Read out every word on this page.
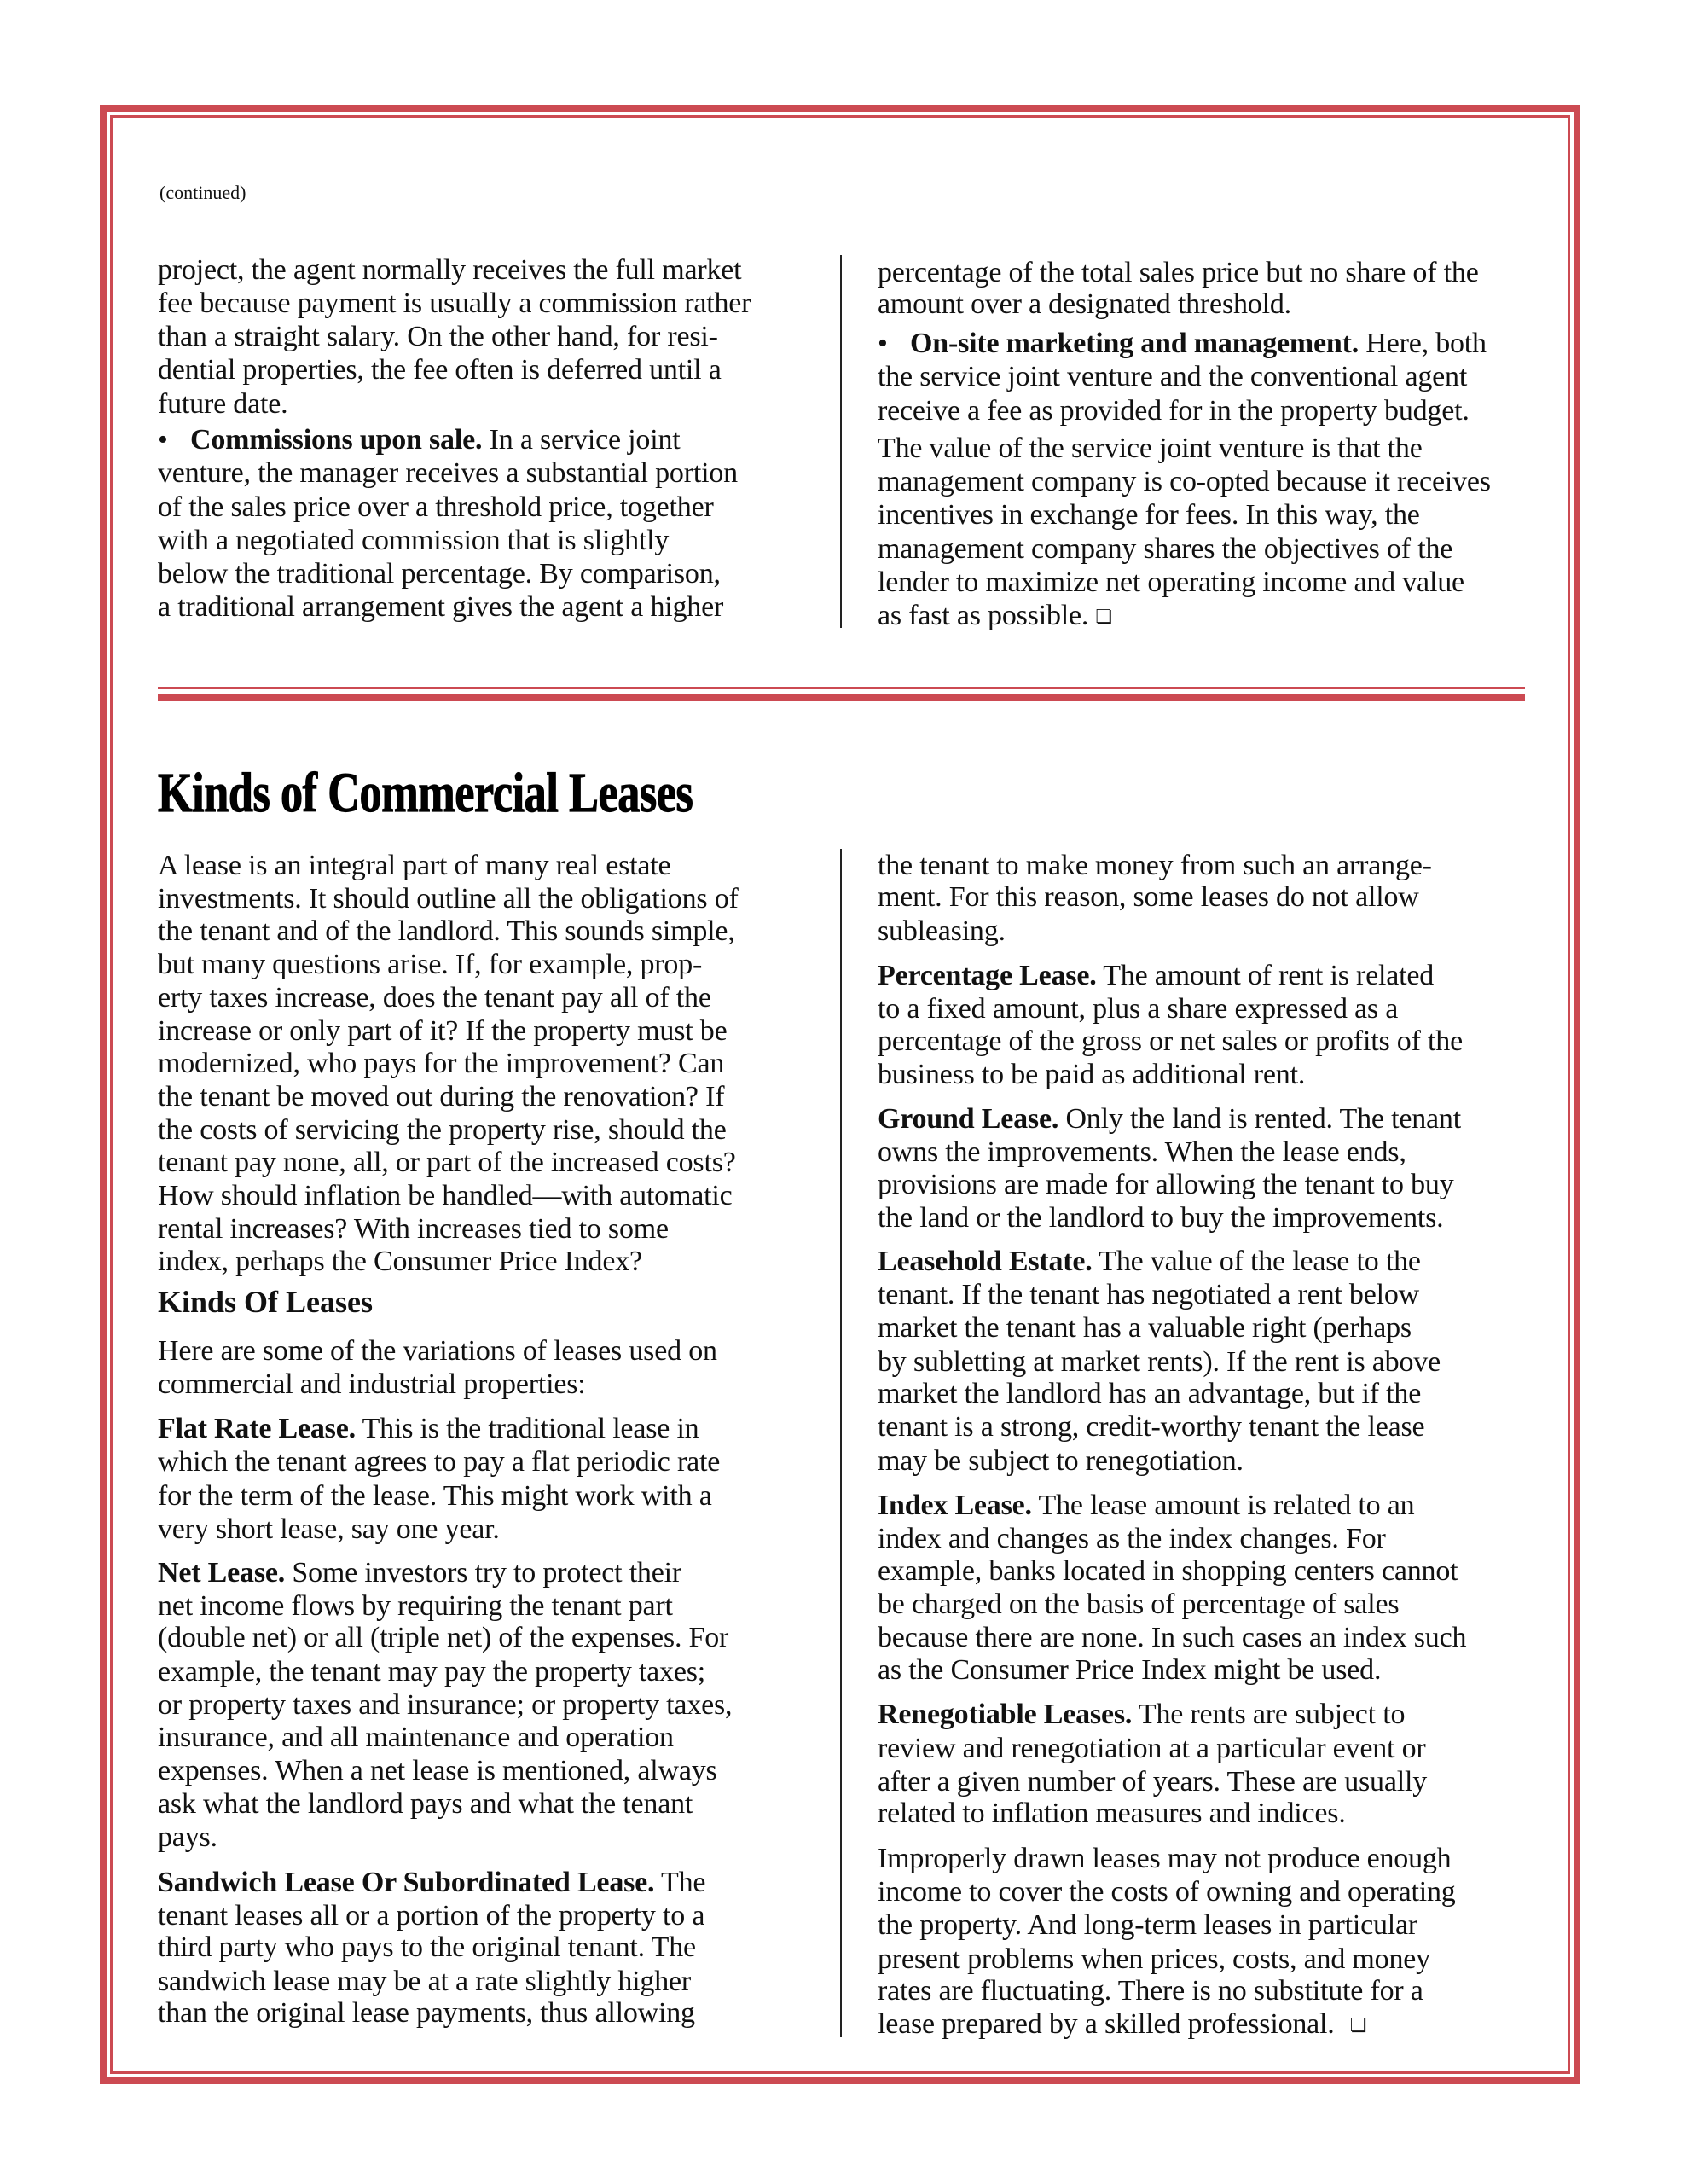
(continued)
project, the agent normally receives the full market
fee because payment is usually a commission rather
than a straight salary. On the other hand, for resi-
dential properties, the fee often is deferred until a
future date.
• Commissions upon sale. In a service joint
venture, the manager receives a substantial portion
of the sales price over a threshold price, together
with a negotiated commission that is slightly
below the traditional percentage. By comparison,
a traditional arrangement gives the agent a higher
percentage of the total sales price but no share of the
amount over a designated threshold.
• On-site marketing and management. Here, both
the service joint venture and the conventional agent
receive a fee as provided for in the property budget.
The value of the service joint venture is that the
management company is co-opted because it receives
incentives in exchange for fees. In this way, the
management company shares the objectives of the
lender to maximize net operating income and value
as fast as possible. ❏
Kinds of Commercial Leases
A lease is an integral part of many real estate
investments. It should outline all the obligations of
the tenant and of the landlord. This sounds simple,
but many questions arise. If, for example, prop-
erty taxes increase, does the tenant pay all of the
increase or only part of it? If the property must be
modernized, who pays for the improvement? Can
the tenant be moved out during the renovation? If
the costs of servicing the property rise, should the
tenant pay none, all, or part of the increased costs?
How should inflation be handled—with automatic
rental increases? With increases tied to some
index, perhaps the Consumer Price Index?
Kinds Of Leases
Here are some of the variations of leases used on
commercial and industrial properties:
Flat Rate Lease. This is the traditional lease in
which the tenant agrees to pay a flat periodic rate
for the term of the lease. This might work with a
very short lease, say one year.
Net Lease. Some investors try to protect their
net income flows by requiring the tenant part
(double net) or all (triple net) of the expenses. For
example, the tenant may pay the property taxes;
or property taxes and insurance; or property taxes,
insurance, and all maintenance and operation
expenses. When a net lease is mentioned, always
ask what the landlord pays and what the tenant
pays.
Sandwich Lease Or Subordinated Lease. The
tenant leases all or a portion of the property to a
third party who pays to the original tenant. The
sandwich lease may be at a rate slightly higher
than the original lease payments, thus allowing
the tenant to make money from such an arrange-
ment. For this reason, some leases do not allow
subleasing.
Percentage Lease. The amount of rent is related
to a fixed amount, plus a share expressed as a
percentage of the gross or net sales or profits of the
business to be paid as additional rent.
Ground Lease. Only the land is rented. The tenant
owns the improvements. When the lease ends,
provisions are made for allowing the tenant to buy
the land or the landlord to buy the improvements.
Leasehold Estate. The value of the lease to the
tenant. If the tenant has negotiated a rent below
market the tenant has a valuable right (perhaps
by subletting at market rents). If the rent is above
market the landlord has an advantage, but if the
tenant is a strong, credit-worthy tenant the lease
may be subject to renegotiation.
Index Lease. The lease amount is related to an
index and changes as the index changes. For
example, banks located in shopping centers cannot
be charged on the basis of percentage of sales
because there are none. In such cases an index such
as the Consumer Price Index might be used.
Renegotiable Leases. The rents are subject to
review and renegotiation at a particular event or
after a given number of years. These are usually
related to inflation measures and indices.
Improperly drawn leases may not produce enough
income to cover the costs of owning and operating
the property. And long-term leases in particular
present problems when prices, costs, and money
rates are fluctuating. There is no substitute for a
lease prepared by a skilled professional. ❏
